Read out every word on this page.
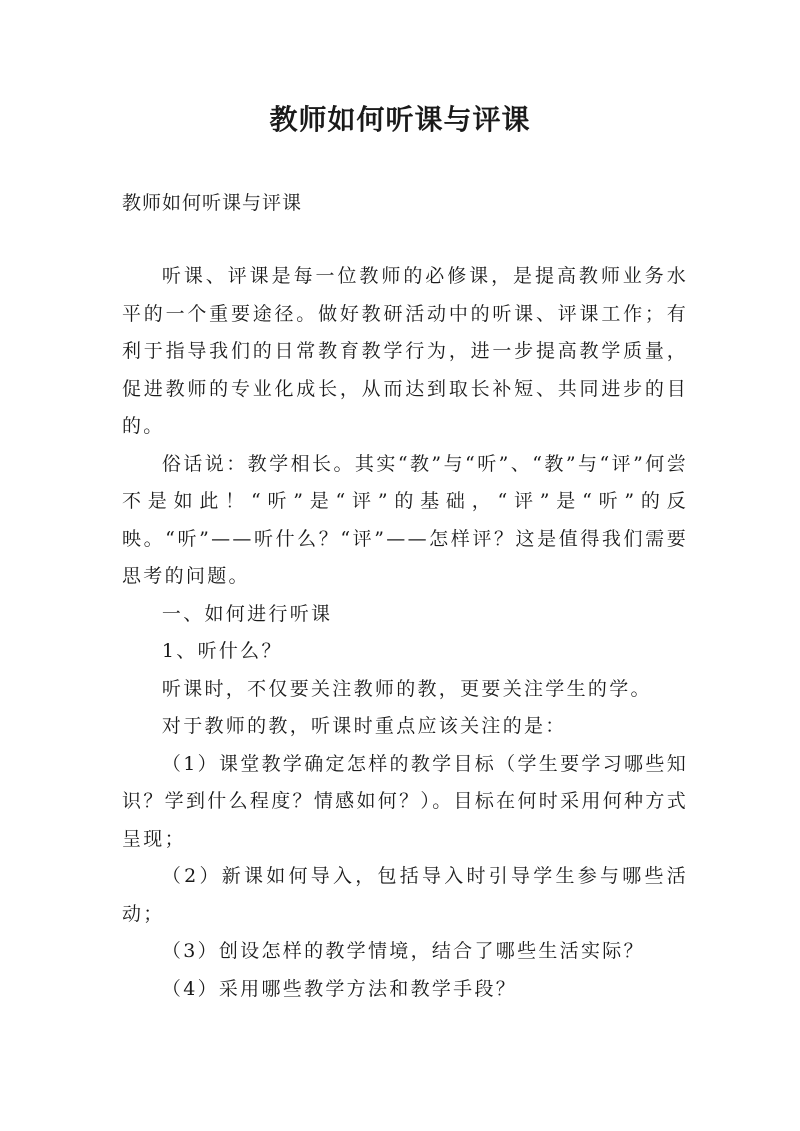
教师如何听课与评课
教师如何听课与评课

听课、评课是每一位教师的必修课，是提高教师业务水平的一个重要途径。做好教研活动中的听课、评课工作；有利于指导我们的日常教育教学行为，进一步提高教学质量，促进教师的专业化成长，从而达到取长补短、共同进步的目的。

俗话说：教学相长。其实“教”与“听”、“教”与“评”何尝不是如此！“听”是“评”的基础，“评”是“听”的反映。“听”——听什么？“评”——怎样评？这是值得我们需要思考的问题。

一、如何进行听课

1、听什么？

听课时，不仅要关注教师的教，更要关注学生的学。

对于教师的教，听课时重点应该关注的是：

（1）课堂教学确定怎样的教学目标（学生要学习哪些知识？学到什么程度？情感如何？）。目标在何时采用何种方式呈现；

（2）新课如何导入，包括导入时引导学生参与哪些活动；

（3）创设怎样的教学情境，结合了哪些生活实际？

（4）采用哪些教学方法和教学手段？
